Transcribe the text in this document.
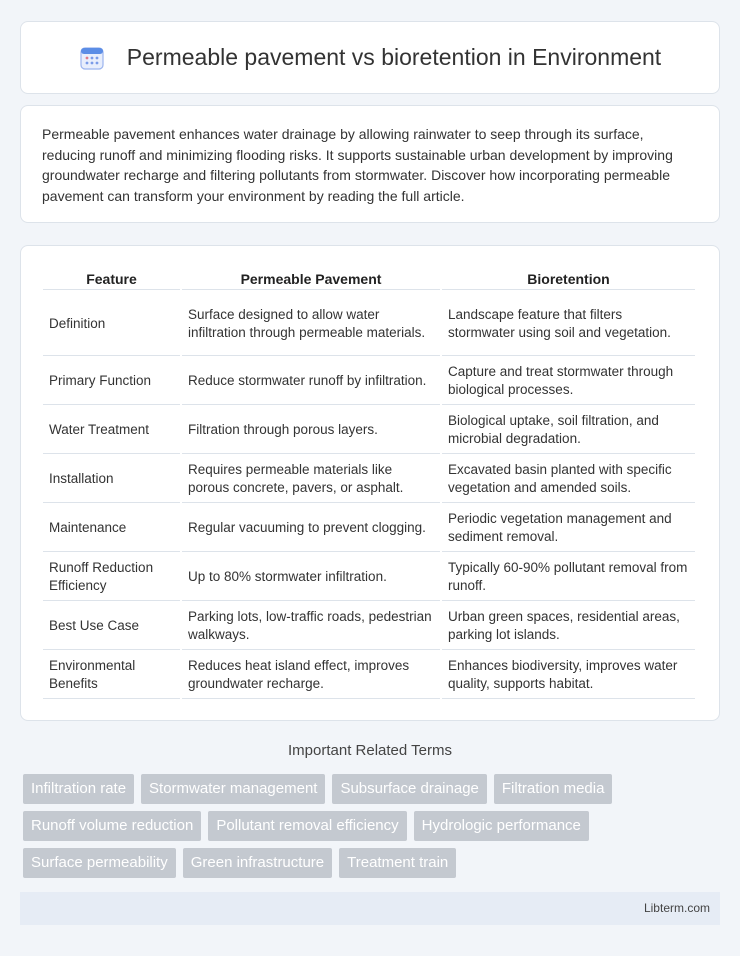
Permeable pavement vs bioretention in Environment

Permeable pavement enhances water drainage by allowing rainwater to seep through its surface, reducing runoff and minimizing flooding risks. It supports sustainable urban development by improving groundwater recharge and filtering pollutants from stormwater. Discover how incorporating permeable pavement can transform your environment by reading the full article.

Feature	Permeable Pavement	Bioretention
Definition	Surface designed to allow water infiltration through permeable materials.	Landscape feature that filters stormwater using soil and vegetation.
Primary Function	Reduce stormwater runoff by infiltration.	Capture and treat stormwater through biological processes.
Water Treatment	Filtration through porous layers.	Biological uptake, soil filtration, and microbial degradation.
Installation	Requires permeable materials like porous concrete, pavers, or asphalt.	Excavated basin planted with specific vegetation and amended soils.
Maintenance	Regular vacuuming to prevent clogging.	Periodic vegetation management and sediment removal.
Runoff Reduction Efficiency	Up to 80% stormwater infiltration.	Typically 60-90% pollutant removal from runoff.
Best Use Case	Parking lots, low-traffic roads, pedestrian walkways.	Urban green spaces, residential areas, parking lot islands.
Environmental Benefits	Reduces heat island effect, improves groundwater recharge.	Enhances biodiversity, improves water quality, supports habitat.
Important Related Terms
Infiltration rate	Stormwater management	Subsurface drainage	Filtration media
Runoff volume reduction	Pollutant removal efficiency	Hydrologic performance
Surface permeability	Green infrastructure	Treatment train
Libterm.com
